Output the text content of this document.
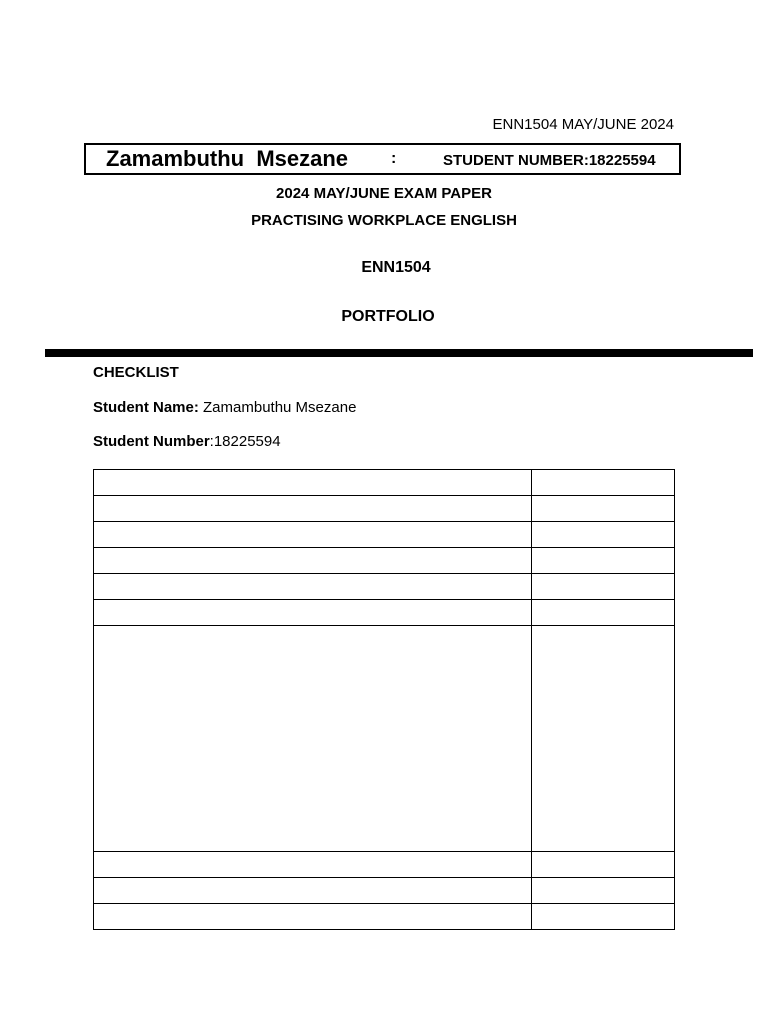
ENN1504 MAY/JUNE 2024
Zamambuthu  Msezane	:	STUDENT NUMBER:18225594
2024 MAY/JUNE EXAM PAPER
PRACTISING WORKPLACE ENGLISH
ENN1504
PORTFOLIO
CHECKLIST
Student Name: Zamambuthu Msezane
Student Number:18225594
